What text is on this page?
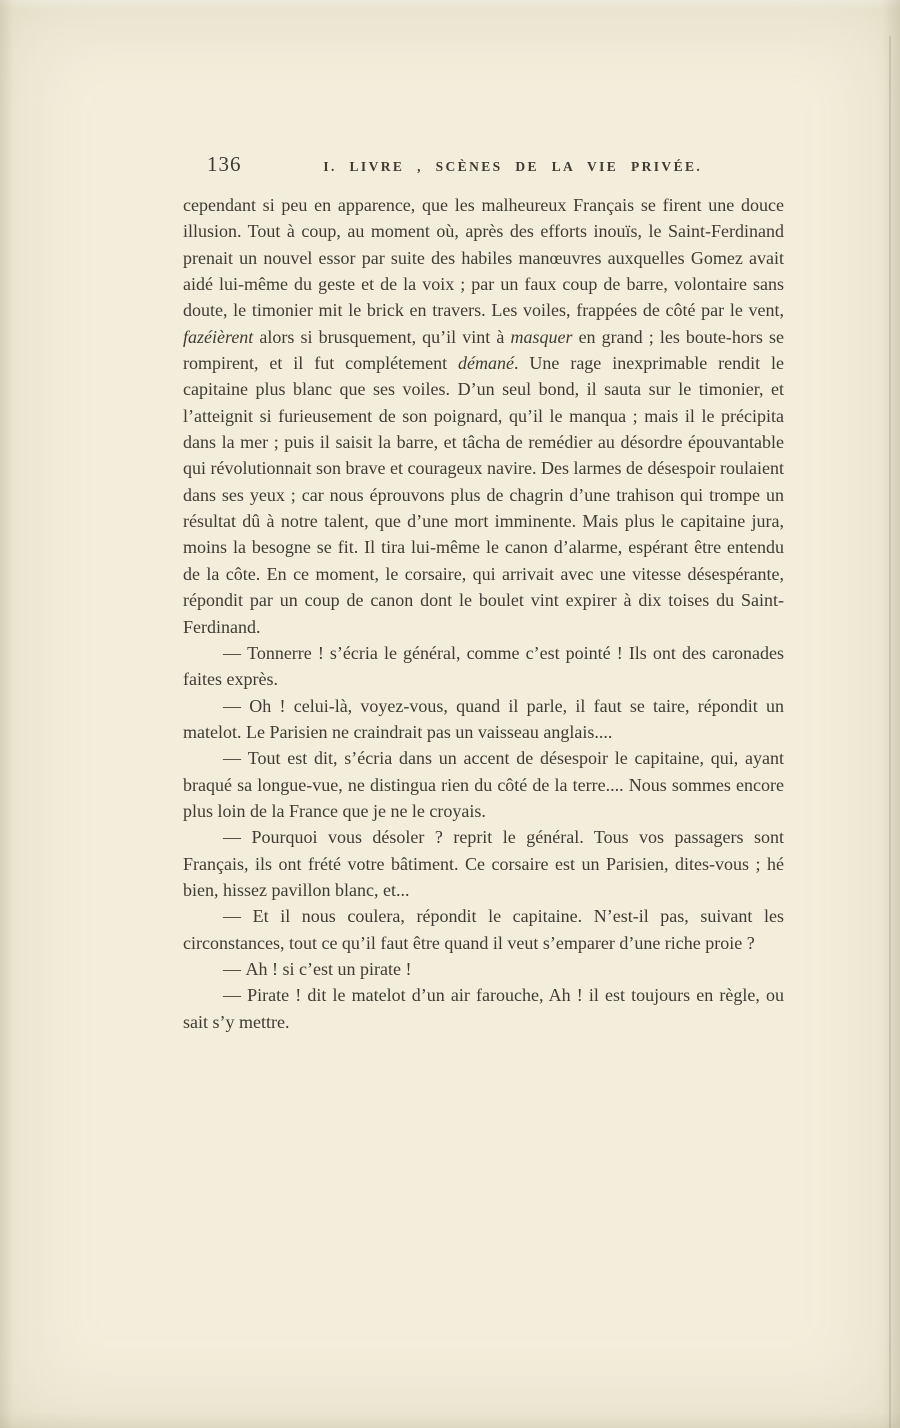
136	I. LIVRE , SCÈNES DE LA VIE PRIVÉE.

cependant si peu en apparence, que les malheureux Français se firent une douce illusion. Tout à coup, au moment où, après des efforts inouïs, le Saint-Ferdinand prenait un nouvel essor par suite des habiles manœuvres auxquelles Gomez avait aidé lui-même du geste et de la voix ; par un faux coup de barre, volontaire sans doute, le timonier mit le brick en travers. Les voiles, frappées de côté par le vent, fazéièrent alors si brusquement, qu’il vint à masquer en grand ; les boute-hors se rompirent, et il fut complétement démané. Une rage inexprimable rendit le capitaine plus blanc que ses voiles. D’un seul bond, il sauta sur le timonier, et l’atteignit si furieusement de son poignard, qu’il le manqua ; mais il le précipita dans la mer ; puis il saisit la barre, et tâcha de remédier au désordre épouvantable qui révolutionnait son brave et courageux navire. Des larmes de désespoir roulaient dans ses yeux ; car nous éprouvons plus de chagrin d’une trahison qui trompe un résultat dû à notre talent, que d’une mort imminente. Mais plus le capitaine jura, moins la besogne se fit. Il tira lui-même le canon d’alarme, espérant être entendu de la côte. En ce moment, le corsaire, qui arrivait avec une vitesse désespérante, répondit par un coup de canon dont le boulet vint expirer à dix toises du Saint-Ferdinand.

— Tonnerre ! s’écria le général, comme c’est pointé ! Ils ont des caronades faites exprès.

— Oh ! celui-là, voyez-vous, quand il parle, il faut se taire, répondit un matelot. Le Parisien ne craindrait pas un vaisseau anglais....

— Tout est dit, s’écria dans un accent de désespoir le capitaine, qui, ayant braqué sa longue-vue, ne distingua rien du côté de la terre.... Nous sommes encore plus loin de la France que je ne le croyais.

— Pourquoi vous désoler ? reprit le général. Tous vos passagers sont Français, ils ont frété votre bâtiment. Ce corsaire est un Parisien, dites-vous ; hé bien, hissez pavillon blanc, et...

— Et il nous coulera, répondit le capitaine. N’est-il pas, suivant les circonstances, tout ce qu’il faut être quand il veut s’emparer d’une riche proie ?

— Ah ! si c’est un pirate !

— Pirate ! dit le matelot d’un air farouche, Ah ! il est toujours en règle, ou sait s’y mettre.
